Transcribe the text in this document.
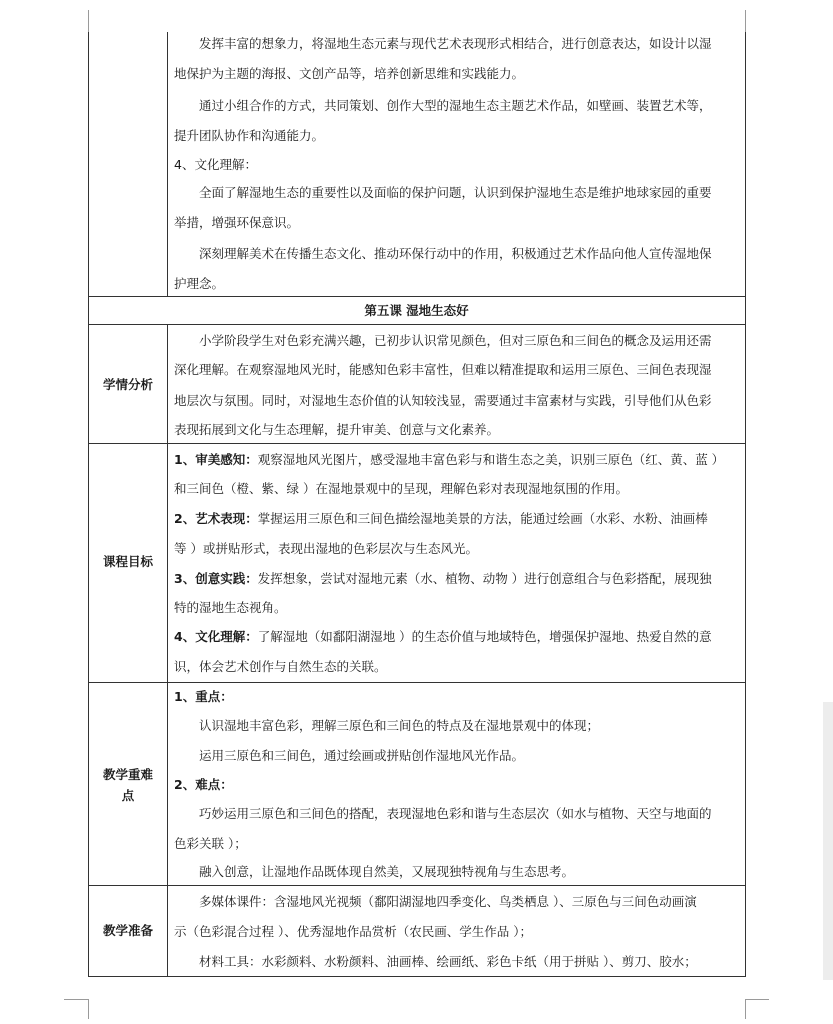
发挥丰富的想象力，将湿地生态元素与现代艺术表现形式相结合，进行创意表达，如设计以湿
地保护为主题的海报、文创产品等，培养创新思维和实践能力。
通过小组合作的方式，共同策划、创作大型的湿地生态主题艺术作品，如壁画、装置艺术等，
提升团队协作和沟通能力。
4、文化理解：
全面了解湿地生态的重要性以及面临的保护问题，认识到保护湿地生态是维护地球家园的重要
举措，增强环保意识。
深刻理解美术在传播生态文化、推动环保行动中的作用，积极通过艺术作品向他人宣传湿地保
护理念。
第五课 湿地生态好
学情分析
小学阶段学生对色彩充满兴趣，已初步认识常见颜色，但对三原色和三间色的概念及运用还需
深化理解。在观察湿地风光时，能感知色彩丰富性，但难以精准提取和运用三原色、三间色表现湿
地层次与氛围。同时，对湿地生态价值的认知较浅显，需要通过丰富素材与实践，引导他们从色彩
表现拓展到文化与生态理解，提升审美、创意与文化素养。
课程目标
1、审美感知：观察湿地风光图片，感受湿地丰富色彩与和谐生态之美，识别三原色（红、黄、蓝 ）
和三间色（橙、紫、绿 ）在湿地景观中的呈现，理解色彩对表现湿地氛围的作用。
2、艺术表现：掌握运用三原色和三间色描绘湿地美景的方法，能通过绘画（水彩、水粉、油画棒
等 ）或拼贴形式，表现出湿地的色彩层次与生态风光。
3、创意实践：发挥想象，尝试对湿地元素（水、植物、动物 ）进行创意组合与色彩搭配，展现独
特的湿地生态视角。
4、文化理解：了解湿地（如鄱阳湖湿地 ）的生态价值与地域特色，增强保护湿地、热爱自然的意
识，体会艺术创作与自然生态的关联。
教学重难
点
1、重点：
认识湿地丰富色彩，理解三原色和三间色的特点及在湿地景观中的体现；
运用三原色和三间色，通过绘画或拼贴创作湿地风光作品。
2、难点：
巧妙运用三原色和三间色的搭配，表现湿地色彩和谐与生态层次（如水与植物、天空与地面的
色彩关联 ）；
融入创意，让湿地作品既体现自然美，又展现独特视角与生态思考。
教学准备
多媒体课件：含湿地风光视频（鄱阳湖湿地四季变化、鸟类栖息 ）、三原色与三间色动画演
示（色彩混合过程 ）、优秀湿地作品赏析（农民画、学生作品 ）；
材料工具：水彩颜料、水粉颜料、油画棒、绘画纸、彩色卡纸（用于拼贴 ）、剪刀、胶水；
